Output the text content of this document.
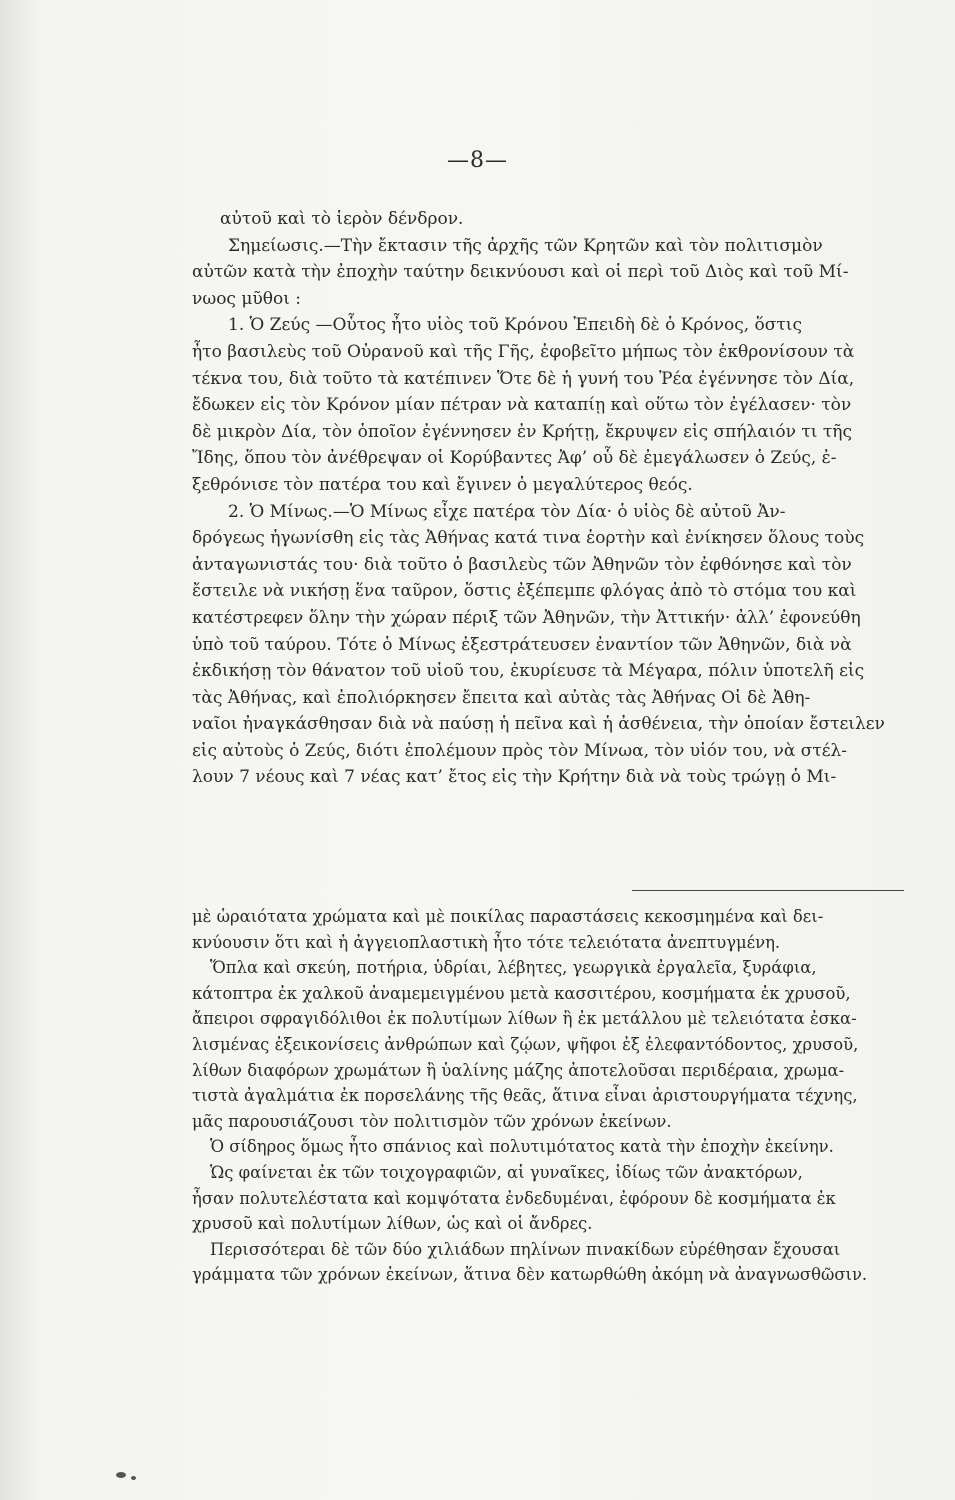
—8—
αὐτοῦ καὶ τὸ ἱερὸν δένδρον.
Σημείωσις.—Τὴν ἔκτασιν τῆς ἀρχῆς τῶν Κρητῶν καὶ τὸν πολιτισμὸν
αὐτῶν κατὰ τὴν ἐποχὴν ταύτην δεικνύουσι καὶ οἱ περὶ τοῦ Διὸς καὶ τοῦ Μί-
νωος μῦθοι :
1. Ὁ Ζεύς —Οὗτος ἦτο υἱὸς τοῦ Κρόνου Ἐπειδὴ δὲ ὁ Κρόνος, ὅστις
ἦτο βασιλεὺς τοῦ Οὐρανοῦ καὶ τῆς Γῆς, ἐφοβεῖτο μήπως τὸν ἐκθρονίσουν τὰ
τέκνα του, διὰ τοῦτο τὰ κατέπινεν Ὅτε δὲ ἡ γυνή του Ῥέα ἐγέννησε τὸν Δία,
ἔδωκεν εἰς τὸν Κρόνον μίαν πέτραν νὰ καταπίῃ καὶ οὕτω τὸν ἐγέλασεν· τὸν
δὲ μικρὸν Δία, τὸν ὁποῖον ἐγέννησεν ἐν Κρήτῃ, ἔκρυψεν εἰς σπήλαιόν τι τῆς
Ἴδης, ὅπου τὸν ἀνέθρεψαν οἱ Κορύβαντες Ἀφ’ οὗ δὲ ἐμεγάλωσεν ὁ Ζεύς, ἐ-
ξεθρόνισε τὸν πατέρα του καὶ ἔγινεν ὁ μεγαλύτερος θεός.
2. Ὁ Μίνως.—Ὁ Μίνως εἶχε πατέρα τὸν Δία· ὁ υἱὸς δὲ αὐτοῦ Ἀν-
δρόγεως ἠγωνίσθη εἰς τὰς Ἀθήνας κατά τινα ἑορτὴν καὶ ἐνίκησεν ὅλους τοὺς
ἀνταγωνιστάς του· διὰ τοῦτο ὁ βασιλεὺς τῶν Ἀθηνῶν τὸν ἐφθόνησε καὶ τὸν
ἔστειλε νὰ νικήσῃ ἕνα ταῦρον, ὅστις ἐξέπεμπε φλόγας ἀπὸ τὸ στόμα του καὶ
κατέστρεφεν ὅλην τὴν χώραν πέριξ τῶν Ἀθηνῶν, τὴν Ἀττικήν· ἀλλ’ ἐφονεύθη
ὑπὸ τοῦ ταύρου. Τότε ὁ Μίνως ἐξεστράτευσεν ἐναντίον τῶν Ἀθηνῶν, διὰ νὰ
ἐκδικήσῃ τὸν θάνατον τοῦ υἱοῦ του, ἐκυρίευσε τὰ Μέγαρα, πόλιν ὑποτελῆ εἰς
τὰς Ἀθήνας, καὶ ἐπολιόρκησεν ἔπειτα καὶ αὐτὰς τὰς Ἀθήνας Οἱ δὲ Ἀθη-
ναῖοι ἠναγκάσθησαν διὰ νὰ παύσῃ ἡ πεῖνα καὶ ἡ ἀσθένεια, τὴν ὁποίαν ἔστειλεν
εἰς αὐτοὺς ὁ Ζεύς, διότι ἐπολέμουν πρὸς τὸν Μίνωα, τὸν υἱόν του, νὰ στέλ-
λουν 7 νέους καὶ 7 νέας κατ’ ἔτος εἰς τὴν Κρήτην διὰ νὰ τοὺς τρώγῃ ὁ Μι-
μὲ ὡραιότατα χρώματα καὶ μὲ ποικίλας παραστάσεις κεκοσμημένα καὶ δει-
κνύουσιν ὅτι καὶ ἡ ἀγγειοπλαστικὴ ἦτο τότε τελειότατα ἀνεπτυγμένη.
Ὅπλα καὶ σκεύη, ποτήρια, ὑδρίαι, λέβητες, γεωργικὰ ἐργαλεῖα, ξυράφια,
κάτοπτρα ἐκ χαλκοῦ ἀναμεμειγμένου μετὰ κασσιτέρου, κοσμήματα ἐκ χρυσοῦ,
ἄπειροι σφραγιδόλιθοι ἐκ πολυτίμων λίθων ἢ ἐκ μετάλλου μὲ τελειότατα ἐσκα-
λισμένας ἐξεικονίσεις ἀνθρώπων καὶ ζῴων, ψῆφοι ἐξ ἐλεφαντόδοντος, χρυσοῦ,
λίθων διαφόρων χρωμάτων ἢ ὑαλίνης μάζης ἀποτελοῦσαι περιδέραια, χρωμα-
τιστὰ ἀγαλμάτια ἐκ πορσελάνης τῆς θεᾶς, ἅτινα εἶναι ἀριστουργήματα τέχνης,
μᾶς παρουσιάζουσι τὸν πολιτισμὸν τῶν χρόνων ἐκείνων.
Ὁ σίδηρος ὅμως ἦτο σπάνιος καὶ πολυτιμότατος κατὰ τὴν ἐποχὴν ἐκείνην.
Ὡς φαίνεται ἐκ τῶν τοιχογραφιῶν, αἱ γυναῖκες, ἰδίως τῶν ἀνακτόρων,
ἦσαν πολυτελέστατα καὶ κομψότατα ἐνδεδυμέναι, ἐφόρουν δὲ κοσμήματα ἐκ
χρυσοῦ καὶ πολυτίμων λίθων, ὡς καὶ οἱ ἄνδρες.
Περισσότεραι δὲ τῶν δύο χιλιάδων πηλίνων πινακίδων εὑρέθησαν ἔχουσαι
γράμματα τῶν χρόνων ἐκείνων, ἅτινα δὲν κατωρθώθη ἀκόμη νὰ ἀναγνωσθῶσιν.
